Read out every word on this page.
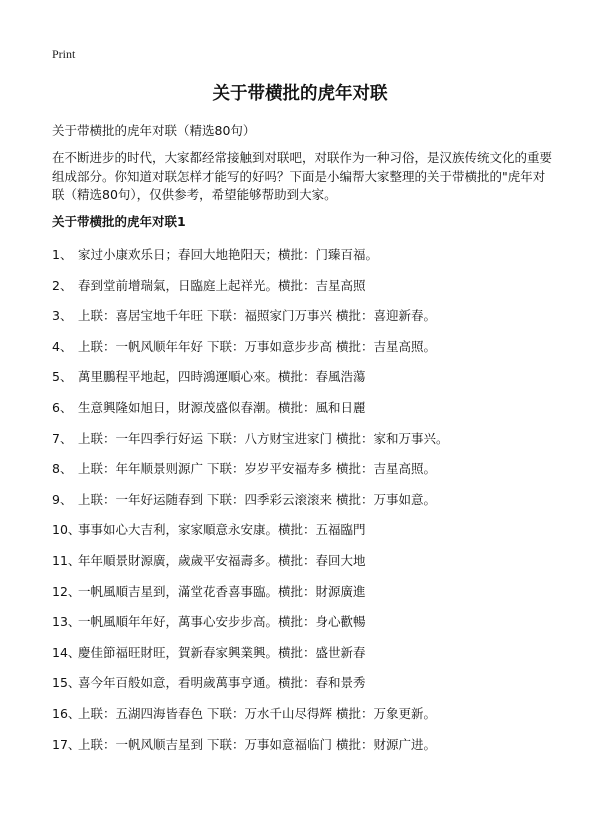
Print
关于带横批的虎年对联

关于带横批的虎年对联（精选80句）

在不断进步的时代，大家都经常接触到对联吧，对联作为一种习俗，是汉族传统文化的重要组成部分。你知道对联怎样才能写的好吗？下面是小编帮大家整理的关于带横批的"虎年对联（精选80句），仅供参考，希望能够帮助到大家。

关于带横批的虎年对联1
1、 家过小康欢乐日；春回大地艳阳天；横批：门臻百福。
2、 春到堂前增瑞氣，日臨庭上起祥光。横批：吉星高照
3、 上联：喜居宝地千年旺 下联：福照家门万事兴 横批：喜迎新春。
4、 上联：一帆风顺年年好 下联：万事如意步步高 横批：吉星高照。
5、 萬里鵬程平地起，四時鴻運順心來。横批：春風浩蕩
6、 生意興隆如旭日，財源茂盛似春潮。横批：風和日麗
7、 上联：一年四季行好运 下联：八方财宝进家门 横批：家和万事兴。
8、 上联：年年顺景则源广 下联：岁岁平安福寿多 横批：吉星高照。
9、 上联：一年好运随春到 下联：四季彩云滚滚来 横批：万事如意。
10、事事如心大吉利，家家順意永安康。横批：五福臨門
11、年年順景財源廣，歲歲平安福壽多。横批：春回大地
12、一帆風順吉星到，滿堂花香喜事臨。横批：財源廣進
13、一帆風順年年好，萬事心安步步高。横批：身心歡暢
14、慶佳節福旺財旺，賀新春家興業興。横批：盛世新春
15、喜今年百般如意，看明歲萬事亨通。横批：春和景秀
16、上联：五湖四海皆春色 下联：万水千山尽得辉 横批：万象更新。
17、上联：一帆风顺吉星到 下联：万事如意福临门 横批：财源广进。
